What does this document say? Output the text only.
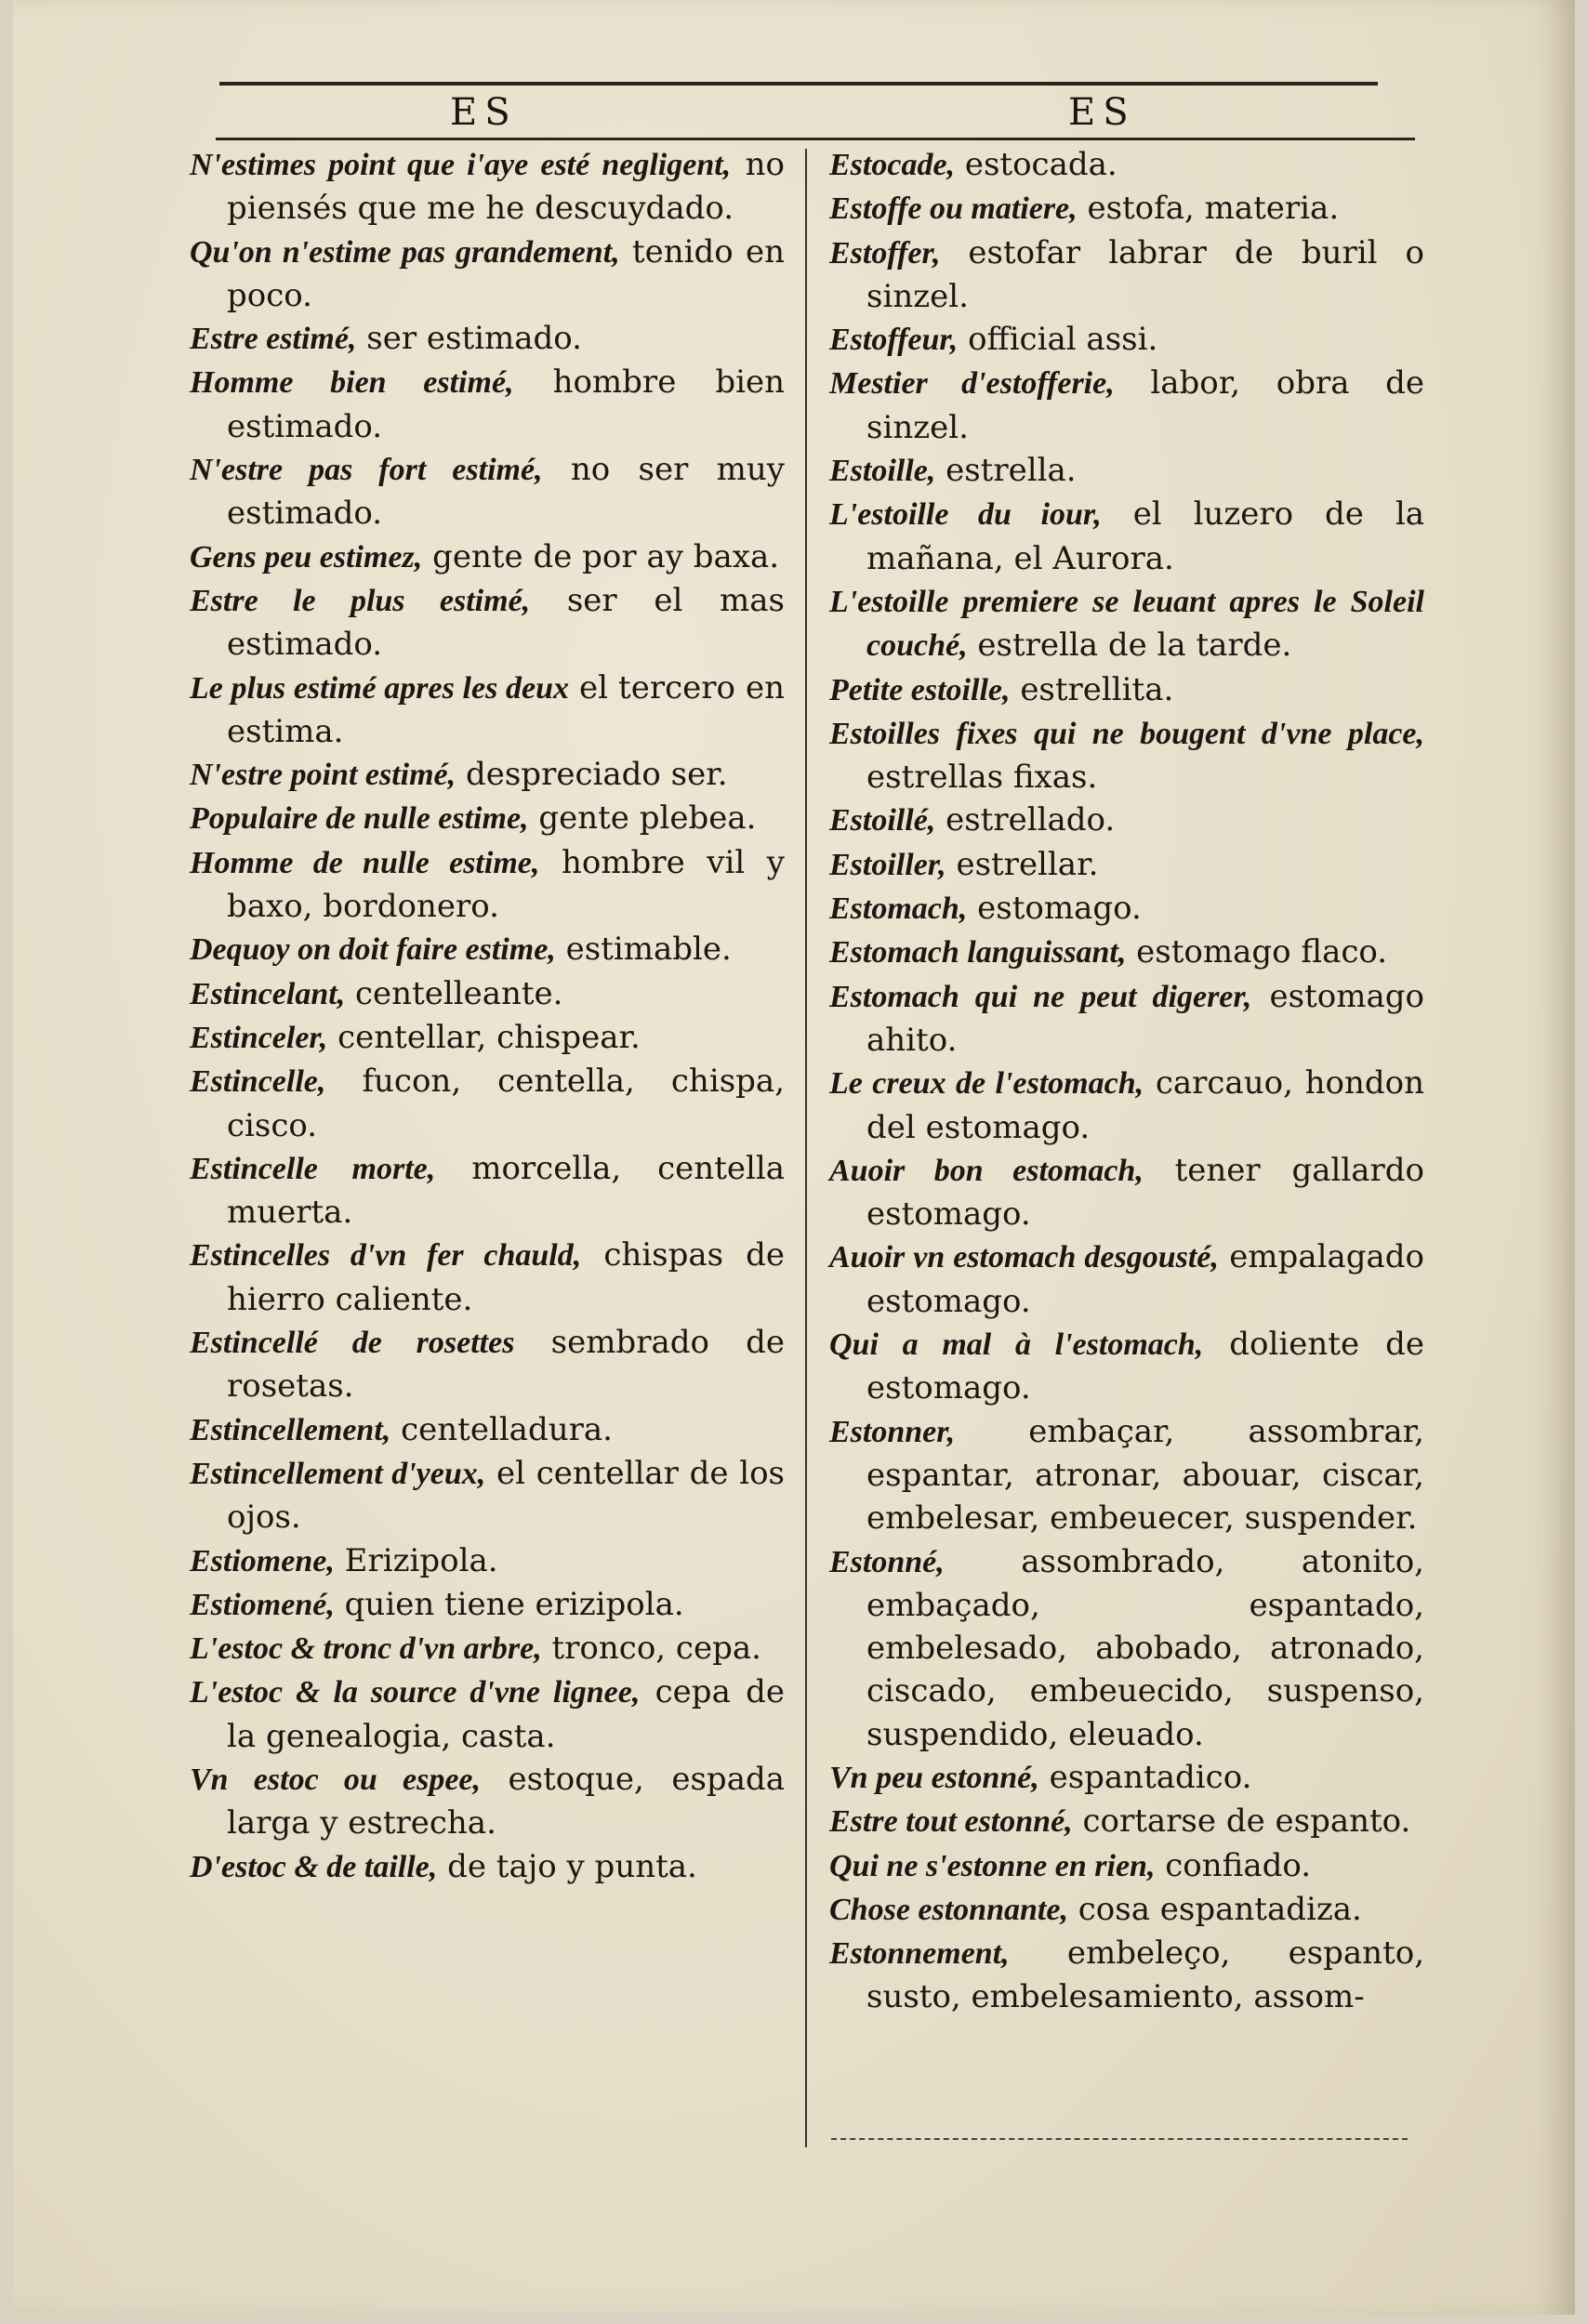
ES	ES
N'estimes point que i'aye esté negligent, no piensés que me he descuydado.
Qu'on n'estime pas grandement, tenido en poco.
Estre estimé, ser estimado.
Homme bien estimé, hombre bien estimado.
N'estre pas fort estimé, no ser muy estimado.
Gens peu estimez, gente de por ay baxa.
Estre le plus estimé, ser el mas estimado.
Le plus estimé apres les deux el tercero en estima.
N'estre point estimé, despreciado ser.
Populaire de nulle estime, gente plebea.
Homme de nulle estime, hombre vil y baxo, bordonero.
Dequoy on doit faire estime, estimable.
Estincelant, centelleante.
Estinceler, centellar, chispear.
Estincelle, fucon, centella, chispa, cisco.
Estincelle morte, morcella, centella muerta.
Estincelles d'vn fer chauld, chispas de hierro caliente.
Estincellé de rosettes sembrado de rosetas.
Estincellement, centelladura.
Estincellement d'yeux, el centellar de los ojos.
Estiomene, Erizipola.
Estiomené, quien tiene erizipola.
L'estoc & tronc d'vn arbre, tronco, cepa.
L'estoc & la source d'vne lignee, cepa de la genealogia, casta.
Vn estoc ou espee, estoque, espada larga y estrecha.
D'estoc & de taille, de tajo y punta.
Estocade, estocada.
Estoffe ou matiere, estofa, materia.
Estoffer, estofar labrar de buril o sinzel.
Estoffeur, official assi.
Mestier d'estofferie, labor, obra de sinzel.
Estoille, estrella.
L'estoille du iour, el luzero de la mañana, el Aurora.
L'estoille premiere se leuant apres le Soleil couché, estrella de la tarde.
Petite estoille, estrellita.
Estoilles fixes qui ne bougent d'vne place, estrellas fixas.
Estoillé, estrellado.
Estoiller, estrellar.
Estomach, estomago.
Estomach languissant, estomago flaco.
Estomach qui ne peut digerer, estomago ahito.
Le creux de l'estomach, carcauo, hondon del estomago.
Auoir bon estomach, tener gallardo estomago.
Auoir vn estomach desgousté, empalagado estomago.
Qui a mal à l'estomach, doliente de estomago.
Estonner, embaçar, assombrar, espantar, atronar, abouar, ciscar, embelesar, embeuecer, suspender.
Estonné, assombrado, atonito, embaçado, espantado, embelesado, abobado, atronado, ciscado, embeuecido, suspenso, suspendido, eleuado.
Vn peu estonné, espantadico.
Estre tout estonné, cortarse de espanto.
Qui ne s'estonne en rien, confiado.
Chose estonnante, cosa espantadiza.
Estonnement, embeleço, espanto, susto, embelesamiento, assom-
